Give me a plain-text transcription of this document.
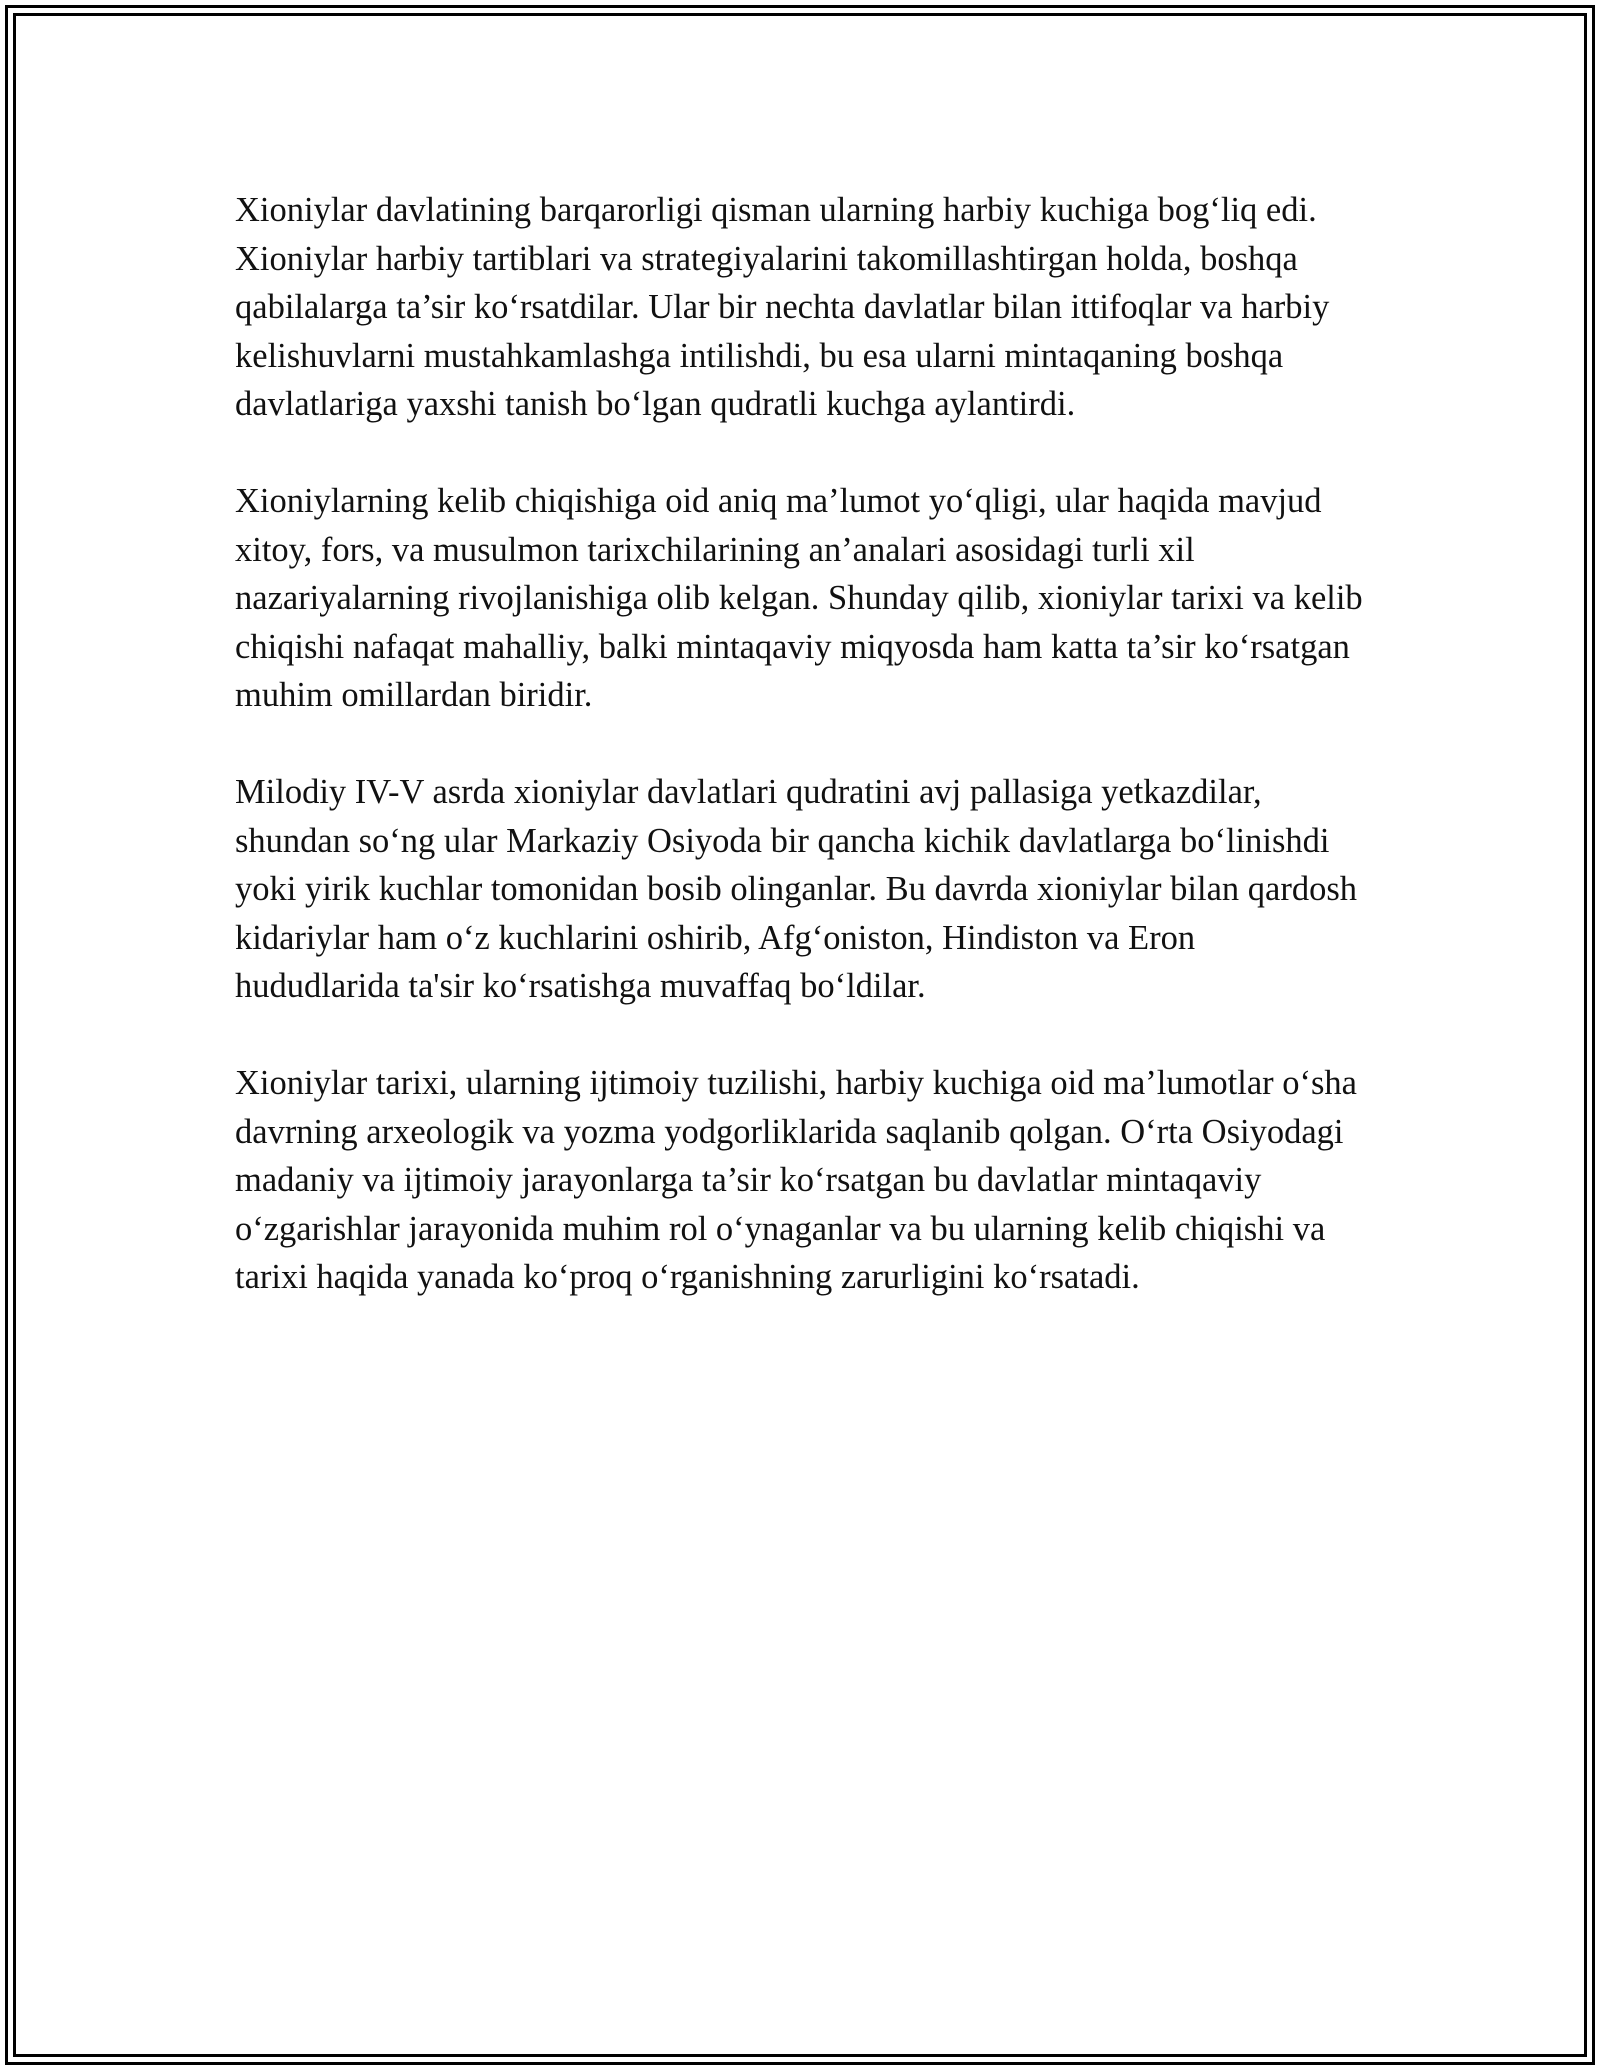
Xioniylar davlatining barqarorligi qisman ularning harbiy kuchiga bog‘liq edi. Xioniylar harbiy tartiblari va strategiyalarini takomillashtirgan holda, boshqa qabilalarga ta’sir ko‘rsatdilar. Ular bir nechta davlatlar bilan ittifoqlar va harbiy kelishuvlarni mustahkamlashga intilishdi, bu esa ularni mintaqaning boshqa davlatlariga yaxshi tanish bo‘lgan qudratli kuchga aylantirdi.

Xioniylarning kelib chiqishiga oid aniq ma’lumot yo‘qligi, ular haqida mavjud xitoy, fors, va musulmon tarixchilarining an’analari asosidagi turli xil nazariyalarning rivojlanishiga olib kelgan. Shunday qilib, xioniylar tarixi va kelib chiqishi nafaqat mahalliy, balki mintaqaviy miqyosda ham katta ta’sir ko‘rsatgan muhim omillardan biridir.

Milodiy IV-V asrda xioniylar davlatlari qudratini avj pallasiga yetkazdilar, shundan so‘ng ular Markaziy Osiyoda bir qancha kichik davlatlarga bo‘linishdi yoki yirik kuchlar tomonidan bosib olinganlar. Bu davrda xioniylar bilan qardosh kidariylar ham o‘z kuchlarini oshirib, Afg‘oniston, Hindiston va Eron hududlarida ta'sir ko‘rsatishga muvaffaq bo‘ldilar.

Xioniylar tarixi, ularning ijtimoiy tuzilishi, harbiy kuchiga oid ma’lumotlar o‘sha davrning arxeologik va yozma yodgorliklarida saqlanib qolgan. O‘rta Osiyodagi madaniy va ijtimoiy jarayonlarga ta’sir ko‘rsatgan bu davlatlar mintaqaviy o‘zgarishlar jarayonida muhim rol o‘ynaganlar va bu ularning kelib chiqishi va tarixi haqida yanada ko‘proq o‘rganishning zarurligini ko‘rsatadi.
